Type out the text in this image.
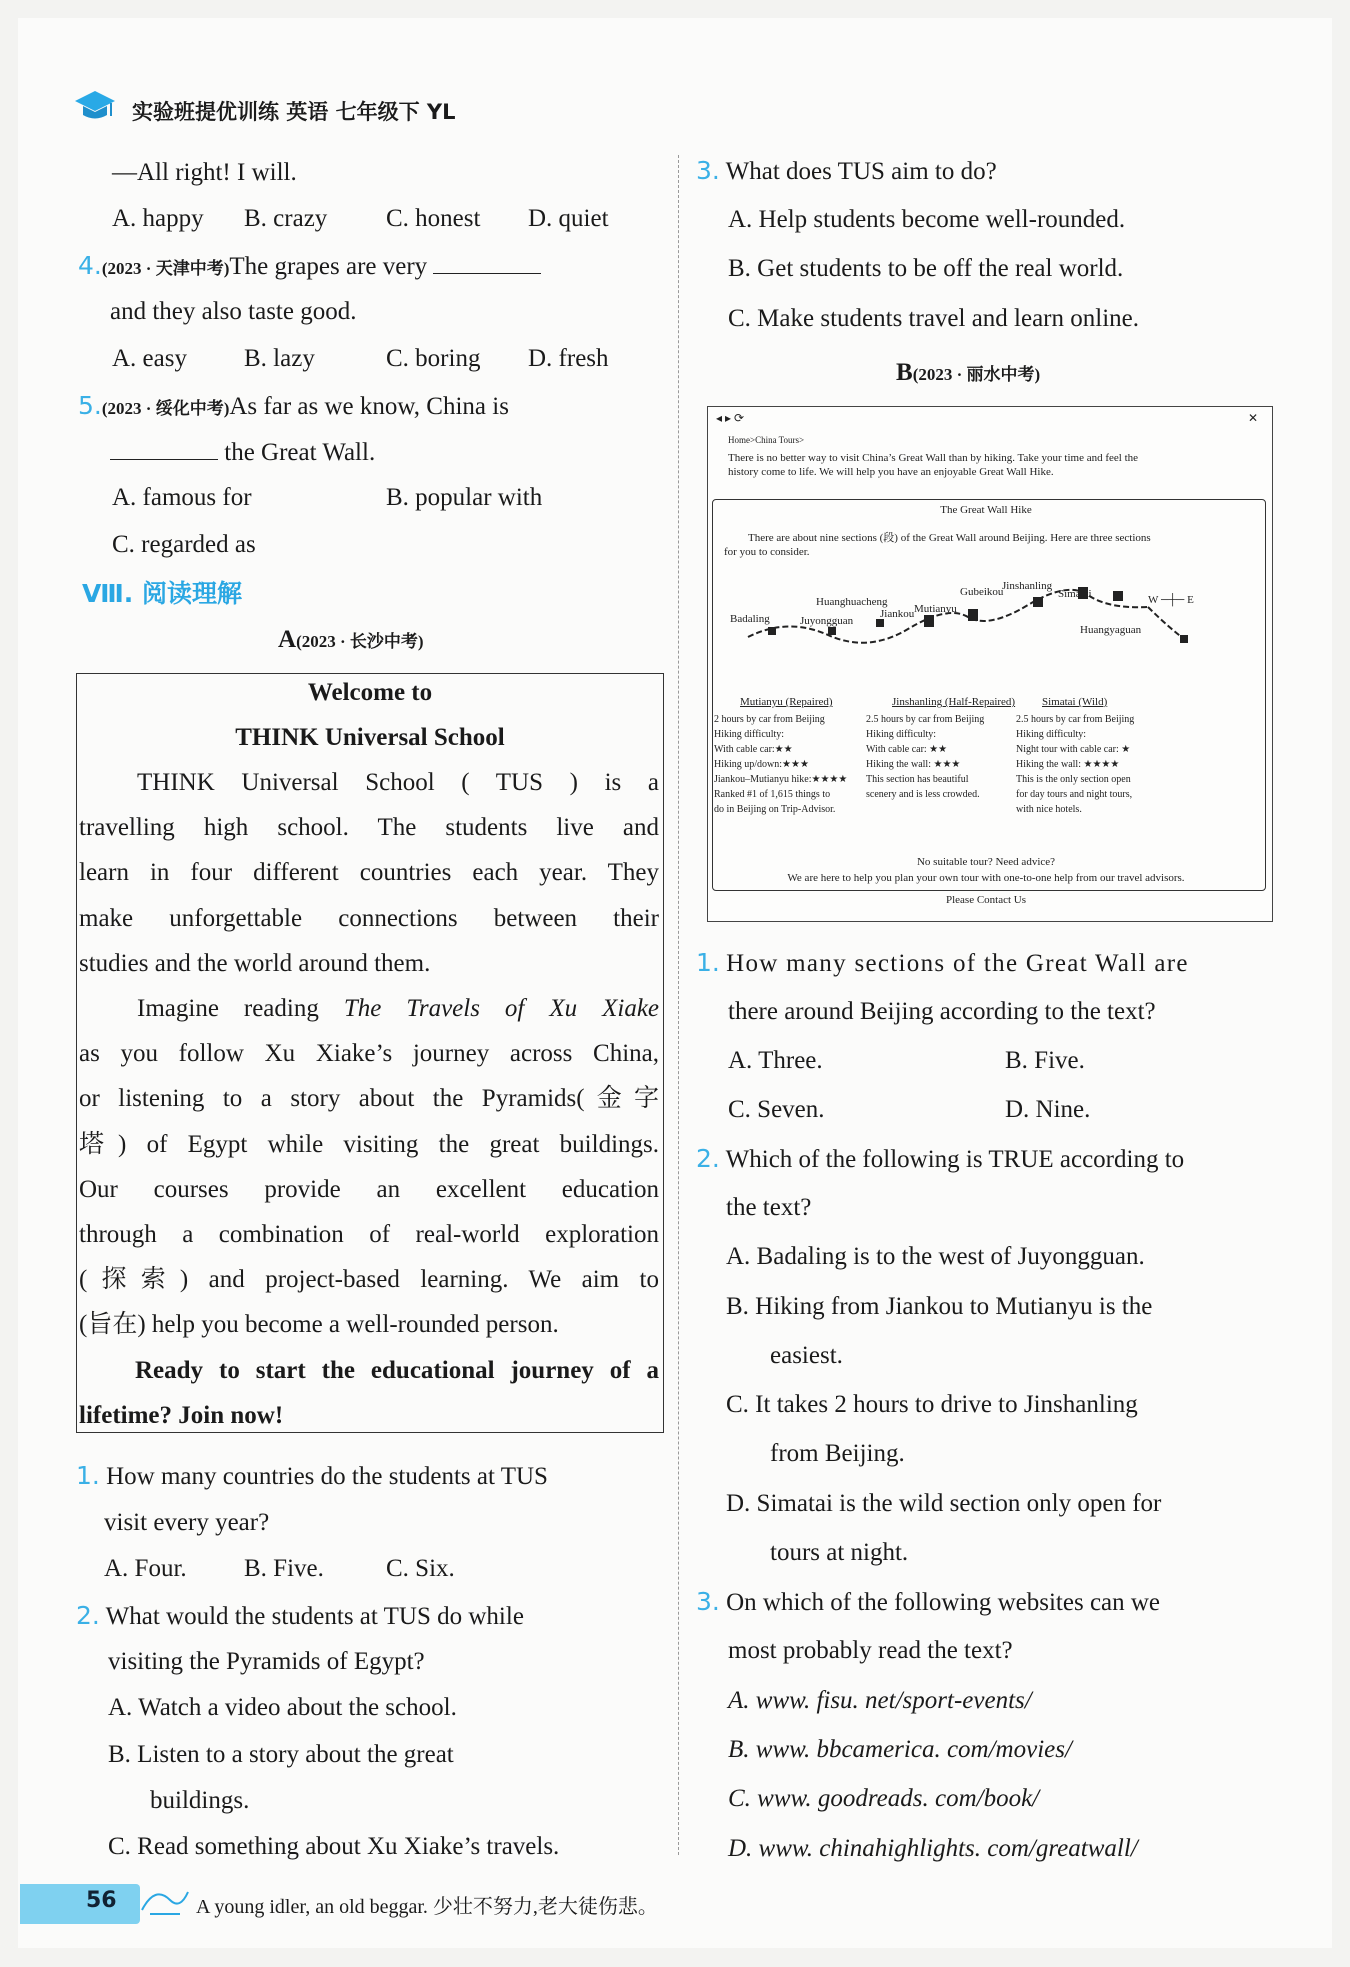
实验班提优训练 英语 七年级下 YL
—All right! I will.
A. happy B. crazy C. honest D. quiet
4.(2023 · 天津中考)The grapes are very
and they also taste good.
A. easy B. lazy	C. boring D. fresh
5.(2023 · 绥化中考)As far as we know, China is
the Great Wall.
A. famous for	B. popular with
C. regarded as
Ⅷ. 阅读理解
A(2023 · 长沙中考)
Welcome to
THINK Universal School
THINK Universal School ( TUS ) is a
travelling high school. The students live and
learn in four different countries each year. They
make unforgettable connections between their
studies and the world around them.
Imagine reading The Travels of Xu Xiake
as you follow Xu Xiake’s journey across China,
or listening to a story about the Pyramids(金字
塔) of Egypt while visiting the great buildings.
Our courses provide an excellent education
through a combination of real-world exploration
(探索) and project-based learning. We aim to
(旨在) help you become a well-rounded person.
Ready to start the educational journey of a
lifetime? Join now!
1. How many countries do the students at TUS
visit every year?
A. Four. B. Five. C. Six.
2. What would the students at TUS do while
visiting the Pyramids of Egypt?
A. Watch a video about the school.
B. Listen to a story about the great
buildings.
C. Read something about Xu Xiake’s travels.
3. What does TUS aim to do?
A. Help students become well-rounded.
B. Get students to be off the real world.
C. Make students travel and learn online.
B(2023 · 丽水中考)
◂ ▸ ⟳	✕
Home>China Tours>
There is no better way to visit China’s Great Wall than by hiking. Take your time and feel the
history come to life. We will help you have an enjoyable Great Wall Hike.
The Great Wall Hike
There are about nine sections (段) of the Great Wall around Beijing. Here are three sections
for you to consider.
Badaling	Juyongguan
Huanghuacheng
Jiankou Mutianyu
Gubeikou
Jinshanling
Simatai
Huangyaguan
W ─┼─ E
Mutianyu (Repaired)
2 hours by car from Beijing
Hiking difficulty:
With cable car:★★
Hiking up/down:★★★
Jiankou–Mutianyu hike:★★★★
Ranked #1 of 1,615 things to
do in Beijing on Trip-Advisor.
Jinshanling (Half-Repaired)
2.5 hours by car from Beijing
Hiking difficulty:
With cable car: ★★
Hiking the wall: ★★★
This section has beautiful
scenery and is less crowded.
Simatai (Wild)
2.5 hours by car from Beijing
Hiking difficulty:
Night tour with cable car: ★
Hiking the wall: ★★★★
This is the only section open
for day tours and night tours,
with nice hotels.
No suitable tour? Need advice?
We are here to help you plan your own tour with one-to-one help from our travel advisors.
Please Contact Us
1. How many sections of the Great Wall are
there around Beijing according to the text?
A. Three.	B. Five.
C. Seven.	D. Nine.
2. Which of the following is TRUE according to
the text?
A. Badaling is to the west of Juyongguan.
B. Hiking from Jiankou to Mutianyu is the
easiest.
C. It takes 2 hours to drive to Jinshanling
from Beijing.
D. Simatai is the wild section only open for
tours at night.
3. On which of the following websites can we
most probably read the text?
A. www. fisu. net/sport-events/
B. www. bbcamerica. com/movies/
C. www. goodreads. com/book/
D. www. chinahighlights. com/greatwall/
56	A young idler, an old beggar. 少壮不努力,老大徒伤悲。
